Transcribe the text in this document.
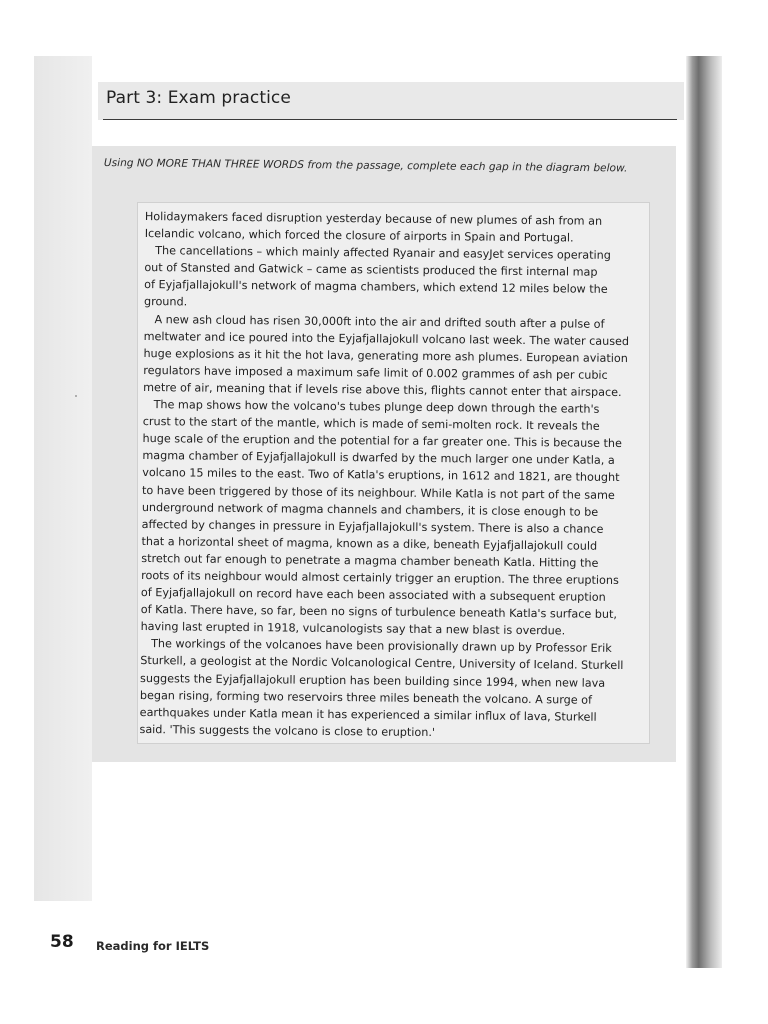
Part 3: Exam practice
Using NO MORE THAN THREE WORDS from the passage, complete each gap in the diagram below.
Holidaymakers faced disruption yesterday because of new plumes of ash from an
Icelandic volcano, which forced the closure of airports in Spain and Portugal.
The cancellations – which mainly affected Ryanair and easyJet services operating
out of Stansted and Gatwick – came as scientists produced the first internal map
of Eyjafjallajokull's network of magma chambers, which extend 12 miles below the
ground.
A new ash cloud has risen 30,000ft into the air and drifted south after a pulse of
meltwater and ice poured into the Eyjafjallajokull volcano last week. The water caused
huge explosions as it hit the hot lava, generating more ash plumes. European aviation
regulators have imposed a maximum safe limit of 0.002 grammes of ash per cubic
metre of air, meaning that if levels rise above this, flights cannot enter that airspace.
The map shows how the volcano's tubes plunge deep down through the earth's
crust to the start of the mantle, which is made of semi-molten rock. It reveals the
huge scale of the eruption and the potential for a far greater one. This is because the
magma chamber of Eyjafjallajokull is dwarfed by the much larger one under Katla, a
volcano 15 miles to the east. Two of Katla's eruptions, in 1612 and 1821, are thought
to have been triggered by those of its neighbour. While Katla is not part of the same
underground network of magma channels and chambers, it is close enough to be
affected by changes in pressure in Eyjafjallajokull's system. There is also a chance
that a horizontal sheet of magma, known as a dike, beneath Eyjafjallajokull could
stretch out far enough to penetrate a magma chamber beneath Katla. Hitting the
roots of its neighbour would almost certainly trigger an eruption. The three eruptions
of Eyjafjallajokull on record have each been associated with a subsequent eruption
of Katla. There have, so far, been no signs of turbulence beneath Katla's surface but,
having last erupted in 1918, vulcanologists say that a new blast is overdue.
The workings of the volcanoes have been provisionally drawn up by Professor Erik
Sturkell, a geologist at the Nordic Volcanological Centre, University of Iceland. Sturkell
suggests the Eyjafjallajokull eruption has been building since 1994, when new lava
began rising, forming two reservoirs three miles beneath the volcano. A surge of
earthquakes under Katla mean it has experienced a similar influx of lava, Sturkell
said. 'This suggests the volcano is close to eruption.'
58 Reading for IELTS
